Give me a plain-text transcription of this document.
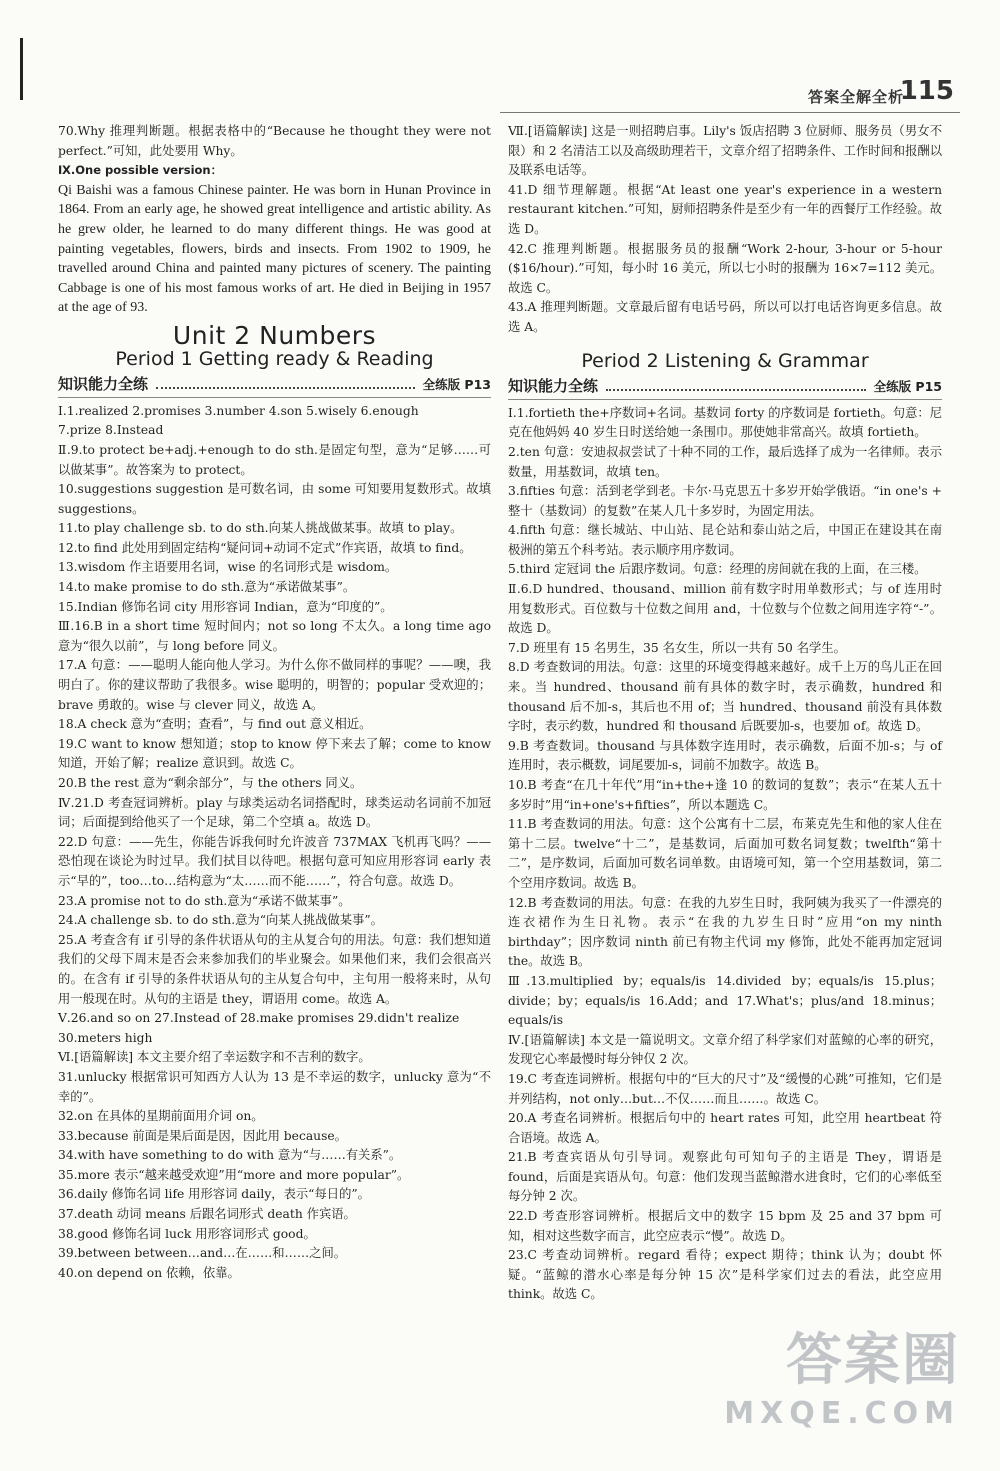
答案全解全析
115

70.Why 推理判断题。根据表格中的“Because he thought they were not perfect.”可知，此处要用 Why。

Ⅸ.One possible version：

Qi Baishi was a famous Chinese painter. He was born in Hunan Province in 1864. From an early age, he showed great intelligence and artistic ability. As he grew older, he learned to do many different things. He was good at painting vegetables, flowers, birds and insects. From 1902 to 1909, he travelled around China and painted many pictures of scenery. The painting Cabbage is one of his most famous works of art. He died in Beijing in 1957 at the age of 93.

Unit 2 Numbers
Period 1 Getting ready & Reading
知识能力全练	全练版 P13

Ⅰ.1.realized 2.promises 3.number 4.son 5.wisely 6.enough

7.prize 8.Instead

Ⅱ.9.to protect be+adj.+enough to do sth.是固定句型，意为“足够……可以做某事”。故答案为 to protect。

10.suggestions suggestion 是可数名词，由 some 可知要用复数形式。故填 suggestions。

11.to play challenge sb. to do sth.向某人挑战做某事。故填 to play。

12.to find 此处用到固定结构“疑问词+动词不定式”作宾语，故填 to find。

13.wisdom 作主语要用名词，wise 的名词形式是 wisdom。

14.to make promise to do sth.意为“承诺做某事”。

15.Indian 修饰名词 city 用形容词 Indian，意为“印度的”。

Ⅲ.16.B in a short time 短时间内；not so long 不太久。a long time ago 意为“很久以前”，与 long before 同义。

17.A 句意：——聪明人能向他人学习。为什么你不做同样的事呢？——噢，我明白了。你的建议帮助了我很多。wise 聪明的，明智的；popular 受欢迎的；brave 勇敢的。wise 与 clever 同义，故选 A。

18.A check 意为“查明；查看”，与 find out 意义相近。

19.C want to know 想知道；stop to know 停下来去了解；come to know 知道，开始了解；realize 意识到。故选 C。

20.B the rest 意为“剩余部分”，与 the others 同义。

Ⅳ.21.D 考查冠词辨析。play 与球类运动名词搭配时，球类运动名词前不加冠词；后面提到给他买了一个足球，第二个空填 a。故选 D。

22.D 句意：——先生，你能告诉我何时允许波音 737MAX 飞机再飞吗？——恐怕现在谈论为时过早。我们拭目以待吧。根据句意可知应用形容词 early 表示“早的”，too…to…结构意为“太……而不能……”，符合句意。故选 D。

23.A promise not to do sth.意为“承诺不做某事”。

24.A challenge sb. to do sth.意为“向某人挑战做某事”。

25.A 考查含有 if 引导的条件状语从句的主从复合句的用法。句意：我们想知道我们的父母下周末是否会来参加我们的毕业聚会。如果他们来，我们会很高兴的。在含有 if 引导的条件状语从句的主从复合句中，主句用一般将来时，从句用一般现在时。从句的主语是 they，谓语用 come。故选 A。

Ⅴ.26.and so on 27.Instead of 28.make promises 29.didn't realize

30.meters high

Ⅵ.[语篇解读] 本文主要介绍了幸运数字和不吉利的数字。

31.unlucky 根据常识可知西方人认为 13 是不幸运的数字，unlucky 意为“不幸的”。

32.on 在具体的星期前面用介词 on。

33.because 前面是果后面是因，因此用 because。

34.with have something to do with 意为“与……有关系”。

35.more 表示“越来越受欢迎”用“more and more popular”。

36.daily 修饰名词 life 用形容词 daily，表示“每日的”。

37.death 动词 means 后跟名词形式 death 作宾语。

38.good 修饰名词 luck 用形容词形式 good。

39.between between…and…在……和……之间。

40.on depend on 依赖，依靠。

Ⅶ.[语篇解读] 这是一则招聘启事。Lily's 饭店招聘 3 位厨师、服务员（男女不限）和 2 名清洁工以及高级助理若干，文章介绍了招聘条件、工作时间和报酬以及联系电话等。

41.D 细节理解题。根据“At least one year's experience in a western restaurant kitchen.”可知，厨师招聘条件是至少有一年的西餐厅工作经验。故选 D。

42.C 推理判断题。根据服务员的报酬“Work 2-hour, 3-hour or 5-hour ($16/hour).”可知，每小时 16 美元，所以七小时的报酬为 16×7=112 美元。故选 C。

43.A 推理判断题。文章最后留有电话号码，所以可以打电话咨询更多信息。故选 A。

Period 2 Listening & Grammar
知识能力全练	全练版 P15

Ⅰ.1.fortieth the+序数词+名词。基数词 forty 的序数词是 fortieth。句意：尼克在他妈妈 40 岁生日时送给她一条围巾。那使她非常高兴。故填 fortieth。

2.ten 句意：安迪叔叔尝试了十种不同的工作，最后选择了成为一名律师。表示数量，用基数词，故填 ten。

3.fifties 句意：活到老学到老。卡尔·马克思五十多岁开始学俄语。“in one's + 整十（基数词）的复数”在某人几十多岁时，为固定用法。

4.fifth 句意：继长城站、中山站、昆仑站和泰山站之后，中国正在建设其在南极洲的第五个科考站。表示顺序用序数词。

5.third 定冠词 the 后跟序数词。句意：经理的房间就在我的上面，在三楼。

Ⅱ.6.D hundred、thousand、million 前有数字时用单数形式；与 of 连用时用复数形式。百位数与十位数之间用 and，十位数与个位数之间用连字符“-”。故选 D。

7.D 班里有 15 名男生，35 名女生，所以一共有 50 名学生。

8.D 考查数词的用法。句意：这里的环境变得越来越好。成千上万的鸟儿正在回来。当 hundred、thousand 前有具体的数字时，表示确数，hundred 和 thousand 后不加-s，其后也不用 of；当 hundred、thousand 前没有具体数字时，表示约数，hundred 和 thousand 后既要加-s，也要加 of。故选 D。

9.B 考查数词。thousand 与具体数字连用时，表示确数，后面不加-s；与 of 连用时，表示概数，词尾要加-s，词前不加数字。故选 B。

10.B 考查“在几十年代”用“in+the+逢 10 的数词的复数”；表示“在某人五十多岁时”用“in+one's+fifties”，所以本题选 C。

11.B 考查数词的用法。句意：这个公寓有十二层，布莱克先生和他的家人住在第十二层。twelve“十二”，是基数词，后面加可数名词复数；twelfth“第十二”，是序数词，后面加可数名词单数。由语境可知，第一个空用基数词，第二个空用序数词。故选 B。

12.B 考查数词的用法。句意：在我的九岁生日时，我阿姨为我买了一件漂亮的连衣裙作为生日礼物。表示“在我的九岁生日时”应用“on my ninth birthday”；因序数词 ninth 前已有物主代词 my 修饰，此处不能再加定冠词 the。故选 B。

Ⅲ.13.multiplied by；equals/is 14.divided by；equals/is 15.plus；divide；by；equals/is 16.Add；and 17.What's；plus/and 18.minus；equals/is

Ⅳ.[语篇解读] 本文是一篇说明文。文章介绍了科学家们对蓝鲸的心率的研究，发现它心率最慢时每分钟仅 2 次。

19.C 考查连词辨析。根据句中的“巨大的尺寸”及“缓慢的心跳”可推知，它们是并列结构，not only…but…不仅……而且……。故选 C。

20.A 考查名词辨析。根据后句中的 heart rates 可知，此空用 heartbeat 符合语境。故选 A。

21.B 考查宾语从句引导词。观察此句可知句子的主语是 They，谓语是 found，后面是宾语从句。句意：他们发现当蓝鲸潜水进食时，它们的心率低至每分钟 2 次。

22.D 考查形容词辨析。根据后文中的数字 15 bpm 及 25 and 37 bpm 可知，相对这些数字而言，此空应表示“慢”。故选 D。

23.C 考查动词辨析。regard 看待；expect 期待；think 认为；doubt 怀疑。“蓝鲸的潜水心率是每分钟 15 次”是科学家们过去的看法，此空应用 think。故选 C。

答案圈
MXQE.COM
